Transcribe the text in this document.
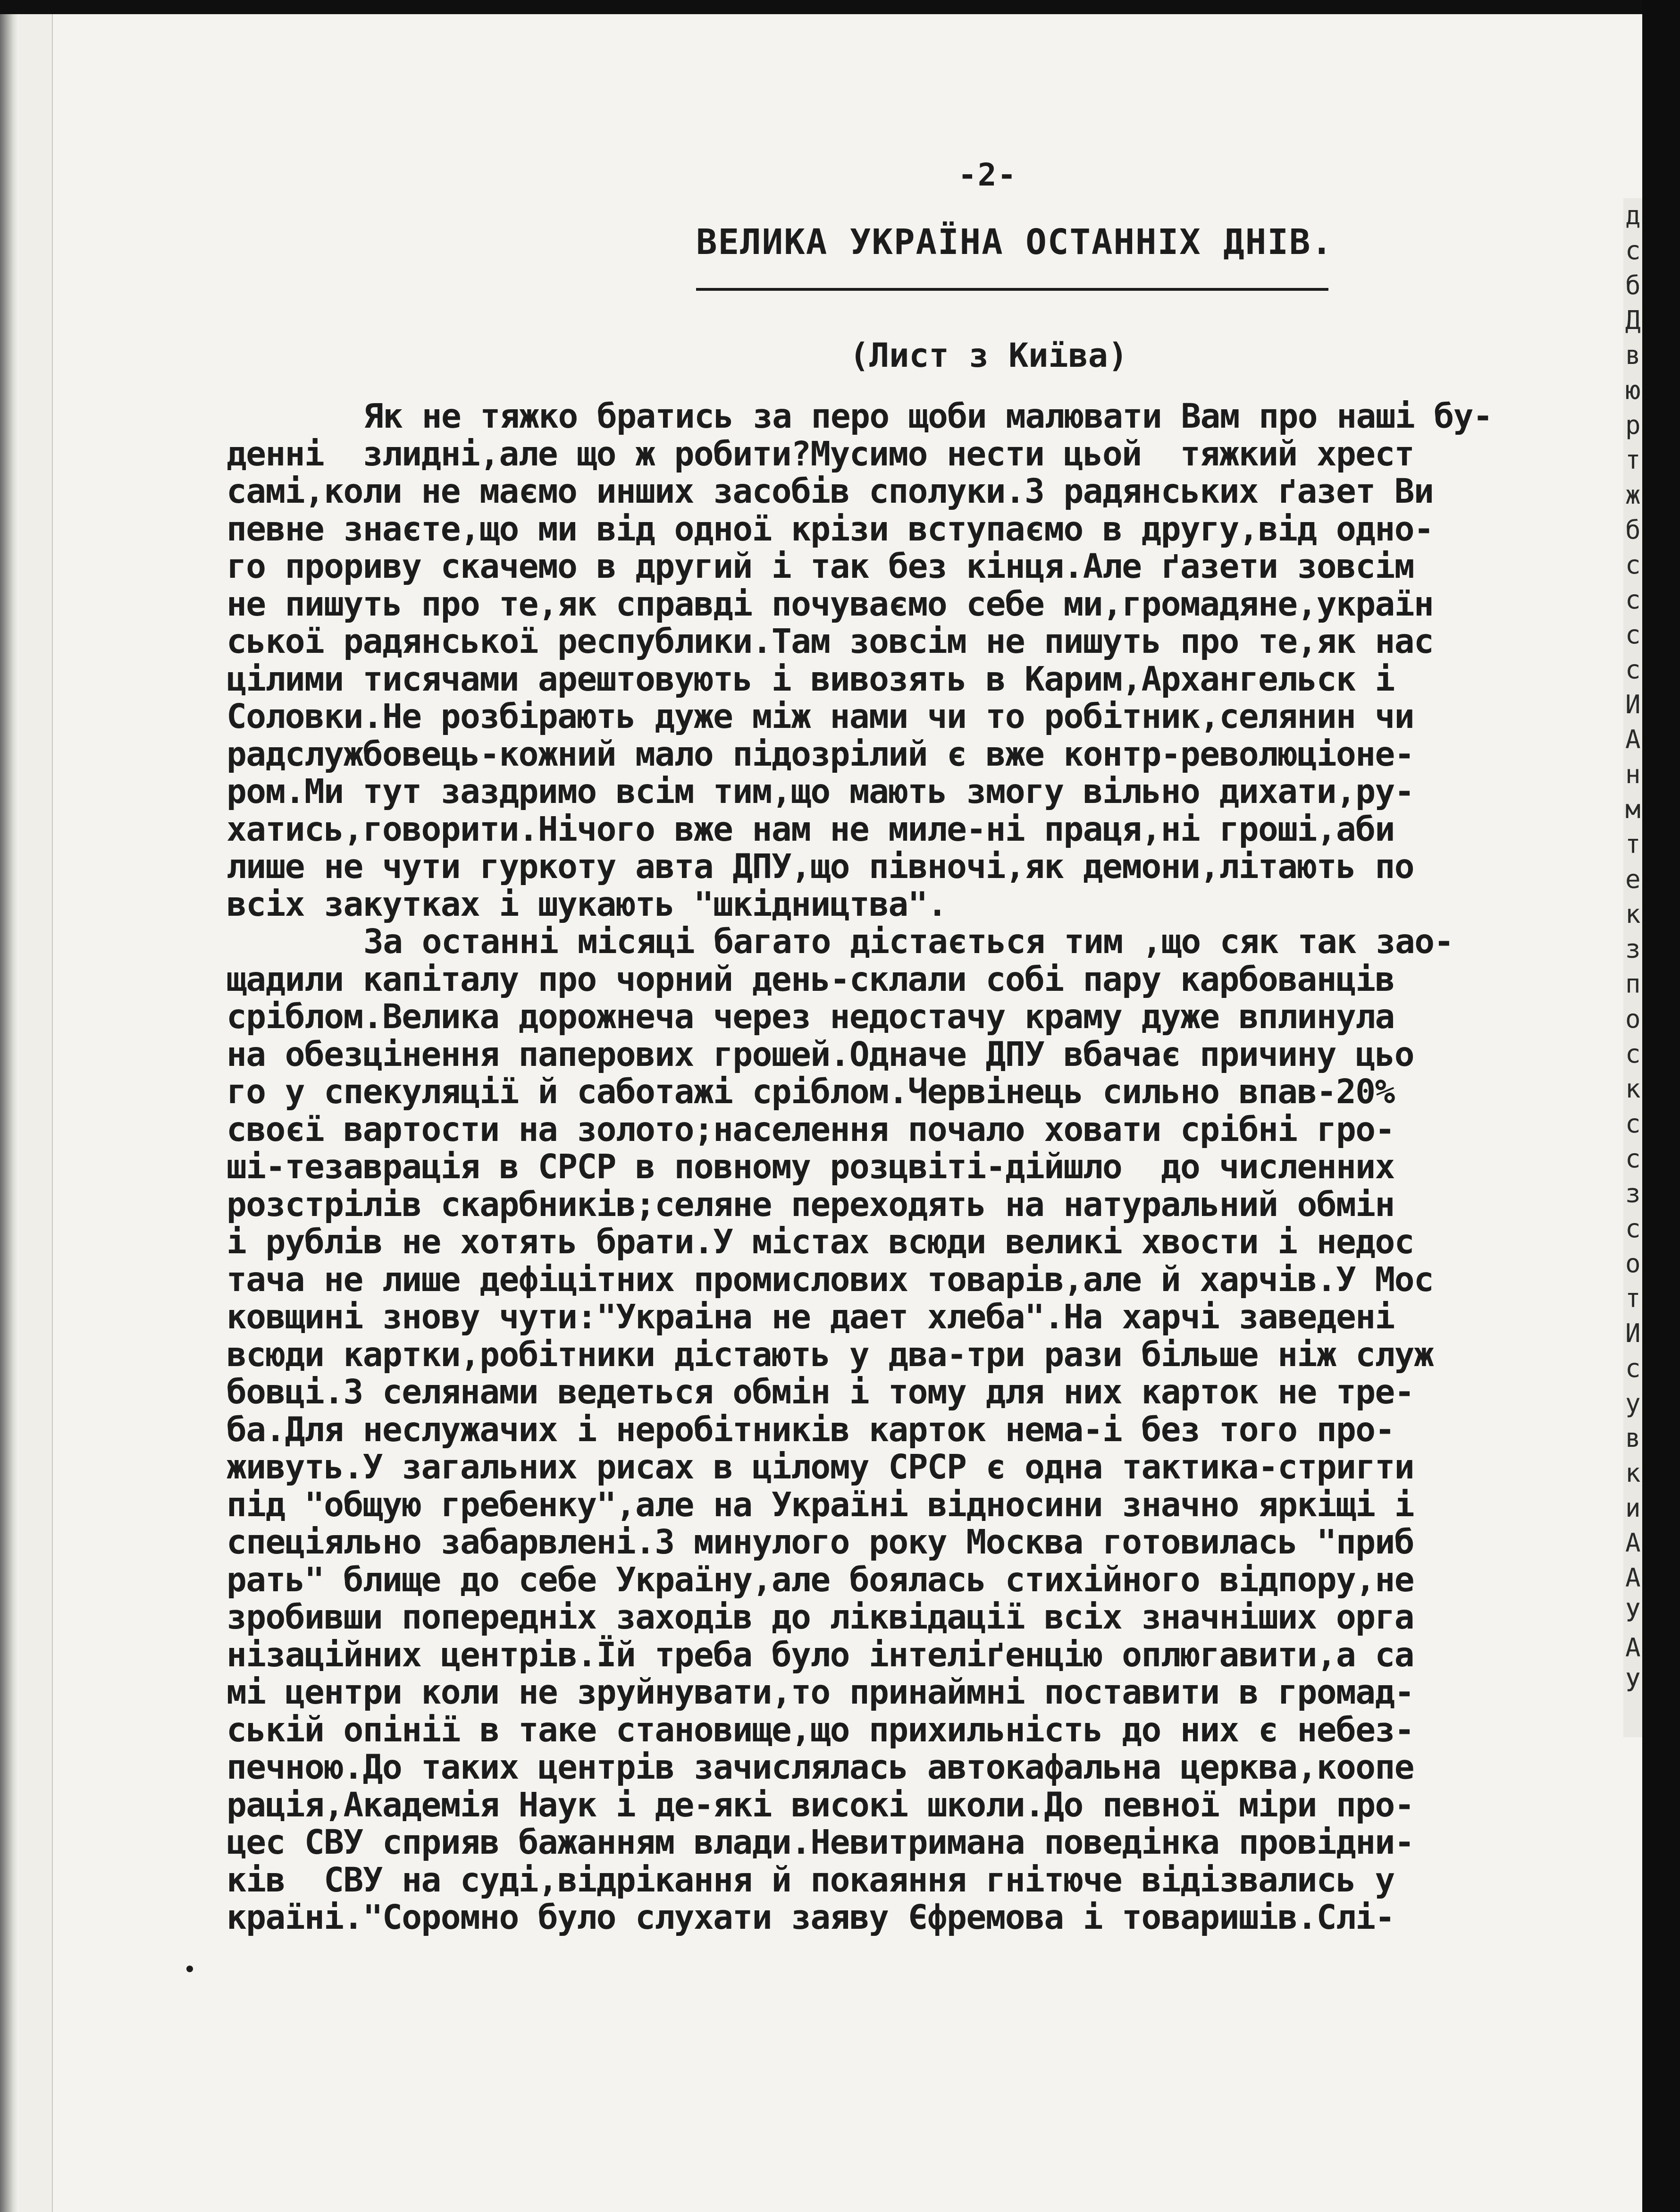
-2-
ВЕЛИКА УКРАЇНА ОСТАННІХ ДНІВ.
(Лист з Київа)
Як не тяжко братись за перо щоби малювати Вам про наші бу-
денні  злидні,але що ж робити?Мусимо нести цьой  тяжкий хрест
самі,коли не маємо инших засобів сполуки.З радянських ґазет Ви
певне знаєте,що ми від одної крізи вступаємо в другу,від одно-
го прориву скачемо в другий і так без кінця.Але ґазети зовсім
не пишуть про те,як справді почуваємо себе ми,громадяне,україн
ської радянської республики.Там зовсім не пишуть про те,як нас
цілими тисячами арештовують і вивозять в Карим,Архангельск і
Соловки.Не розбірають дуже між нами чи то робітник,селянин чи
радслужбовець-кожний мало підозрілий є вже контр-революціоне-
ром.Ми тут заздримо всім тим,що мають змогу вільно дихати,ру-
хатись,говорити.Нічого вже нам не миле-ні праця,ні гроші,аби
лише не чути гуркоту авта ДПУ,що півночі,як демони,літають по
всіх закутках і шукають "шкідництва".
За останні місяці багато дістається тим ,що сяк так зао-
щадили капіталу про чорний день-склали собі пару карбованців
сріблом.Велика дорожнеча через недостачу краму дуже вплинула
на обезцінення паперових грошей.Одначе ДПУ вбачає причину цьо
го у спекуляції й саботажі сріблом.Червінець сильно впав-20%
своєї вартости на золото;населення почало ховати срібні гро-
ші-тезаврація в СРСР в повному розцвіті-дійшло  до численних
розстрілів скарбників;селяне переходять на натуральний обмін
і рублів не хотять брати.У містах всюди великі хвости і недос
тача не лише дефіцітних промислових товарів,але й харчів.У Мос
ковщині знову чути:"Украіна не дает хлеба".На харчі заведені
всюди картки,робітники дістають у два-три рази більше ніж служ
бовці.З селянами ведеться обмін і тому для них карток не тре-
ба.Для неслужачих і неробітників карток нема-і без того про-
живуть.У загальних рисах в цілому СРСР є одна тактика-стригти
під "общую гребенку",але на Україні відносини значно яркіщі і
спеціяльно забарвлені.З минулого року Москва готовилась "приб
рать" блище до себе Україну,але боялась стихійного відпору,не
зробивши попередніх заходів до ліквідації всіх значніших орга
нізаційних центрів.Їй треба було інтеліґенцію оплюгавити,а са
мі центри коли не зруйнувати,то принаймні поставити в громад-
ській опінії в таке становище,що прихильність до них є небез-
печною.До таких центрів зачислялась автокафальна церква,коопе
рація,Академія Наук і де-які високі школи.До певної міри про-
цес СВУ сприяв бажанням влади.Невитримана поведінка провідни-
ків  СВУ на суді,відрікання й покаяння гнітюче відізвались у
країні."Соромно було слухати заяву Єфремова і товаришів.Слі-
д
с
б
Д
в
ю
р
т
ж
б
с
с
с
с
И
А
н
м
т
е
к
з
п
о
с
к
с
с
з
с
о
т
И
с
у
в
к
и
А
А
У
А
У
